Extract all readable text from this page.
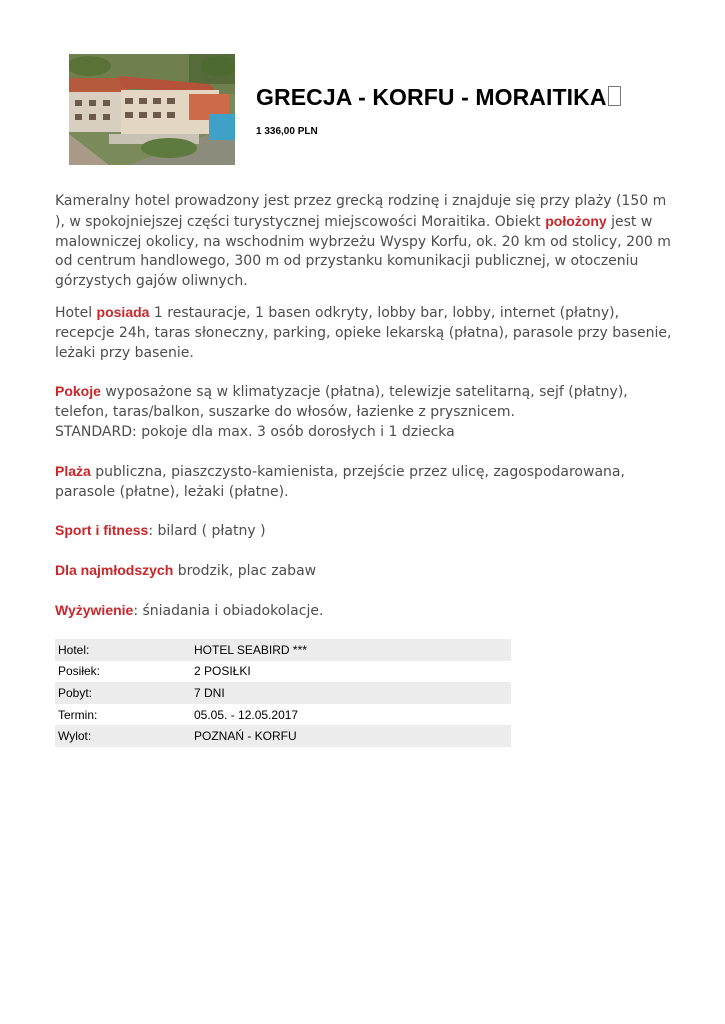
GRECJA - KORFU - MORAITIKA
1 336,00 PLN

Kameralny hotel prowadzony jest przez grecką rodzinę i znajduje się przy plaży (150 m ), w spokojniejszej części turystycznej miejscowości Moraitika. Obiekt położony jest w malowniczej okolicy, na wschodnim wybrzeżu Wyspy Korfu, ok. 20 km od stolicy, 200 m od centrum handlowego, 300 m od przystanku komunikacji publicznej, w otoczeniu górzystych gajów oliwnych.

Hotel posiada 1 restauracje, 1 basen odkryty, lobby bar, lobby, internet (płatny), recepcje 24h, taras słoneczny, parking, opieke lekarską (płatna), parasole przy basenie, leżaki przy basenie.

Pokoje wyposażone są w klimatyzacje (płatna), telewizje satelitarną, sejf (płatny), telefon, taras/balkon, suszarke do włosów, łazienke z prysznicem.
STANDARD: pokoje dla max. 3 osób dorosłych i 1 dziecka

Plaża publiczna, piaszczysto-kamienista, przejście przez ulicę, zagospodarowana, parasole (płatne), leżaki (płatne).

Sport i fitness: bilard ( płatny )

Dla najmłodszych brodzik, plac zabaw

Wyżywienie: śniadania i obiadokolacje.

Hotel:	HOTEL SEABIRD ***
Posiłek:	2 POSIŁKI
Pobyt:	7 DNI
Termin:	05.05. - 12.05.2017
Wylot:	POZNAŃ - KORFU
